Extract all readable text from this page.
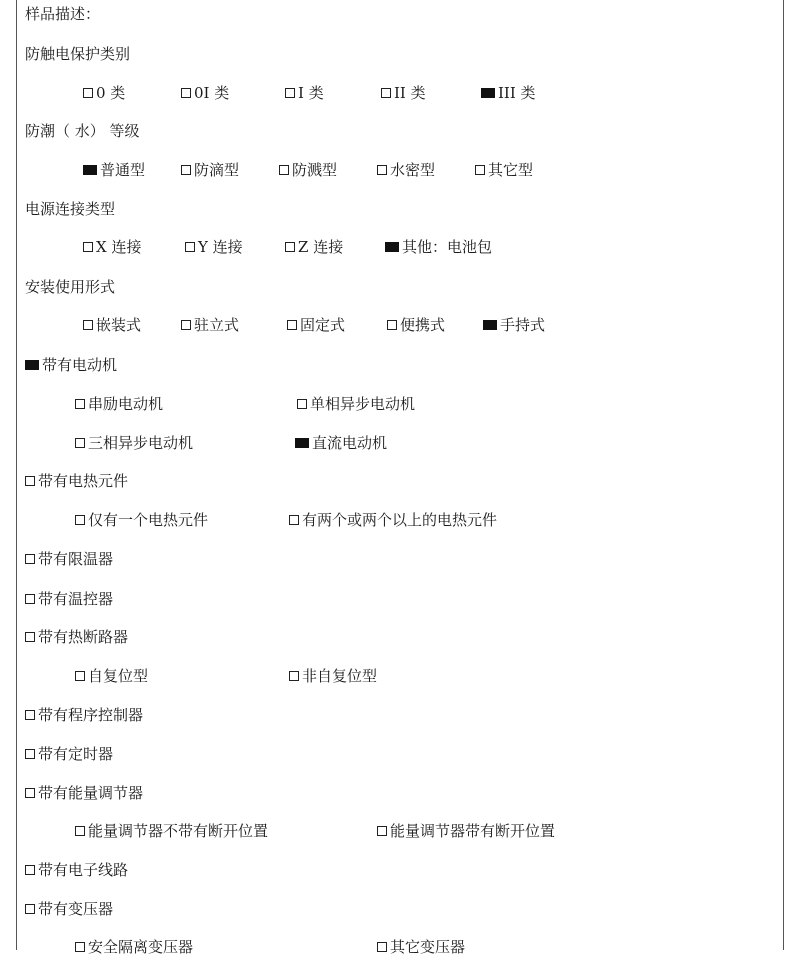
样品描述：
防触电保护类别
0 类	0I 类	I 类	II 类	III 类
防潮（ 水） 等级
普通型	防滴型	防溅型	水密型	其它型
电源连接类型
X 连接	Y 连接	Z 连接	其他：电池包
安装使用形式
嵌装式	驻立式	固定式	便携式	手持式
带有电动机
串励电动机	单相异步电动机
三相异步电动机	直流电动机
带有电热元件
仅有一个电热元件	有两个或两个以上的电热元件
带有限温器
带有温控器
带有热断路器
自复位型	非自复位型
带有程序控制器
带有定时器
带有能量调节器
能量调节器不带有断开位置	能量调节器带有断开位置
带有电子线路
带有变压器
安全隔离变压器	其它变压器
